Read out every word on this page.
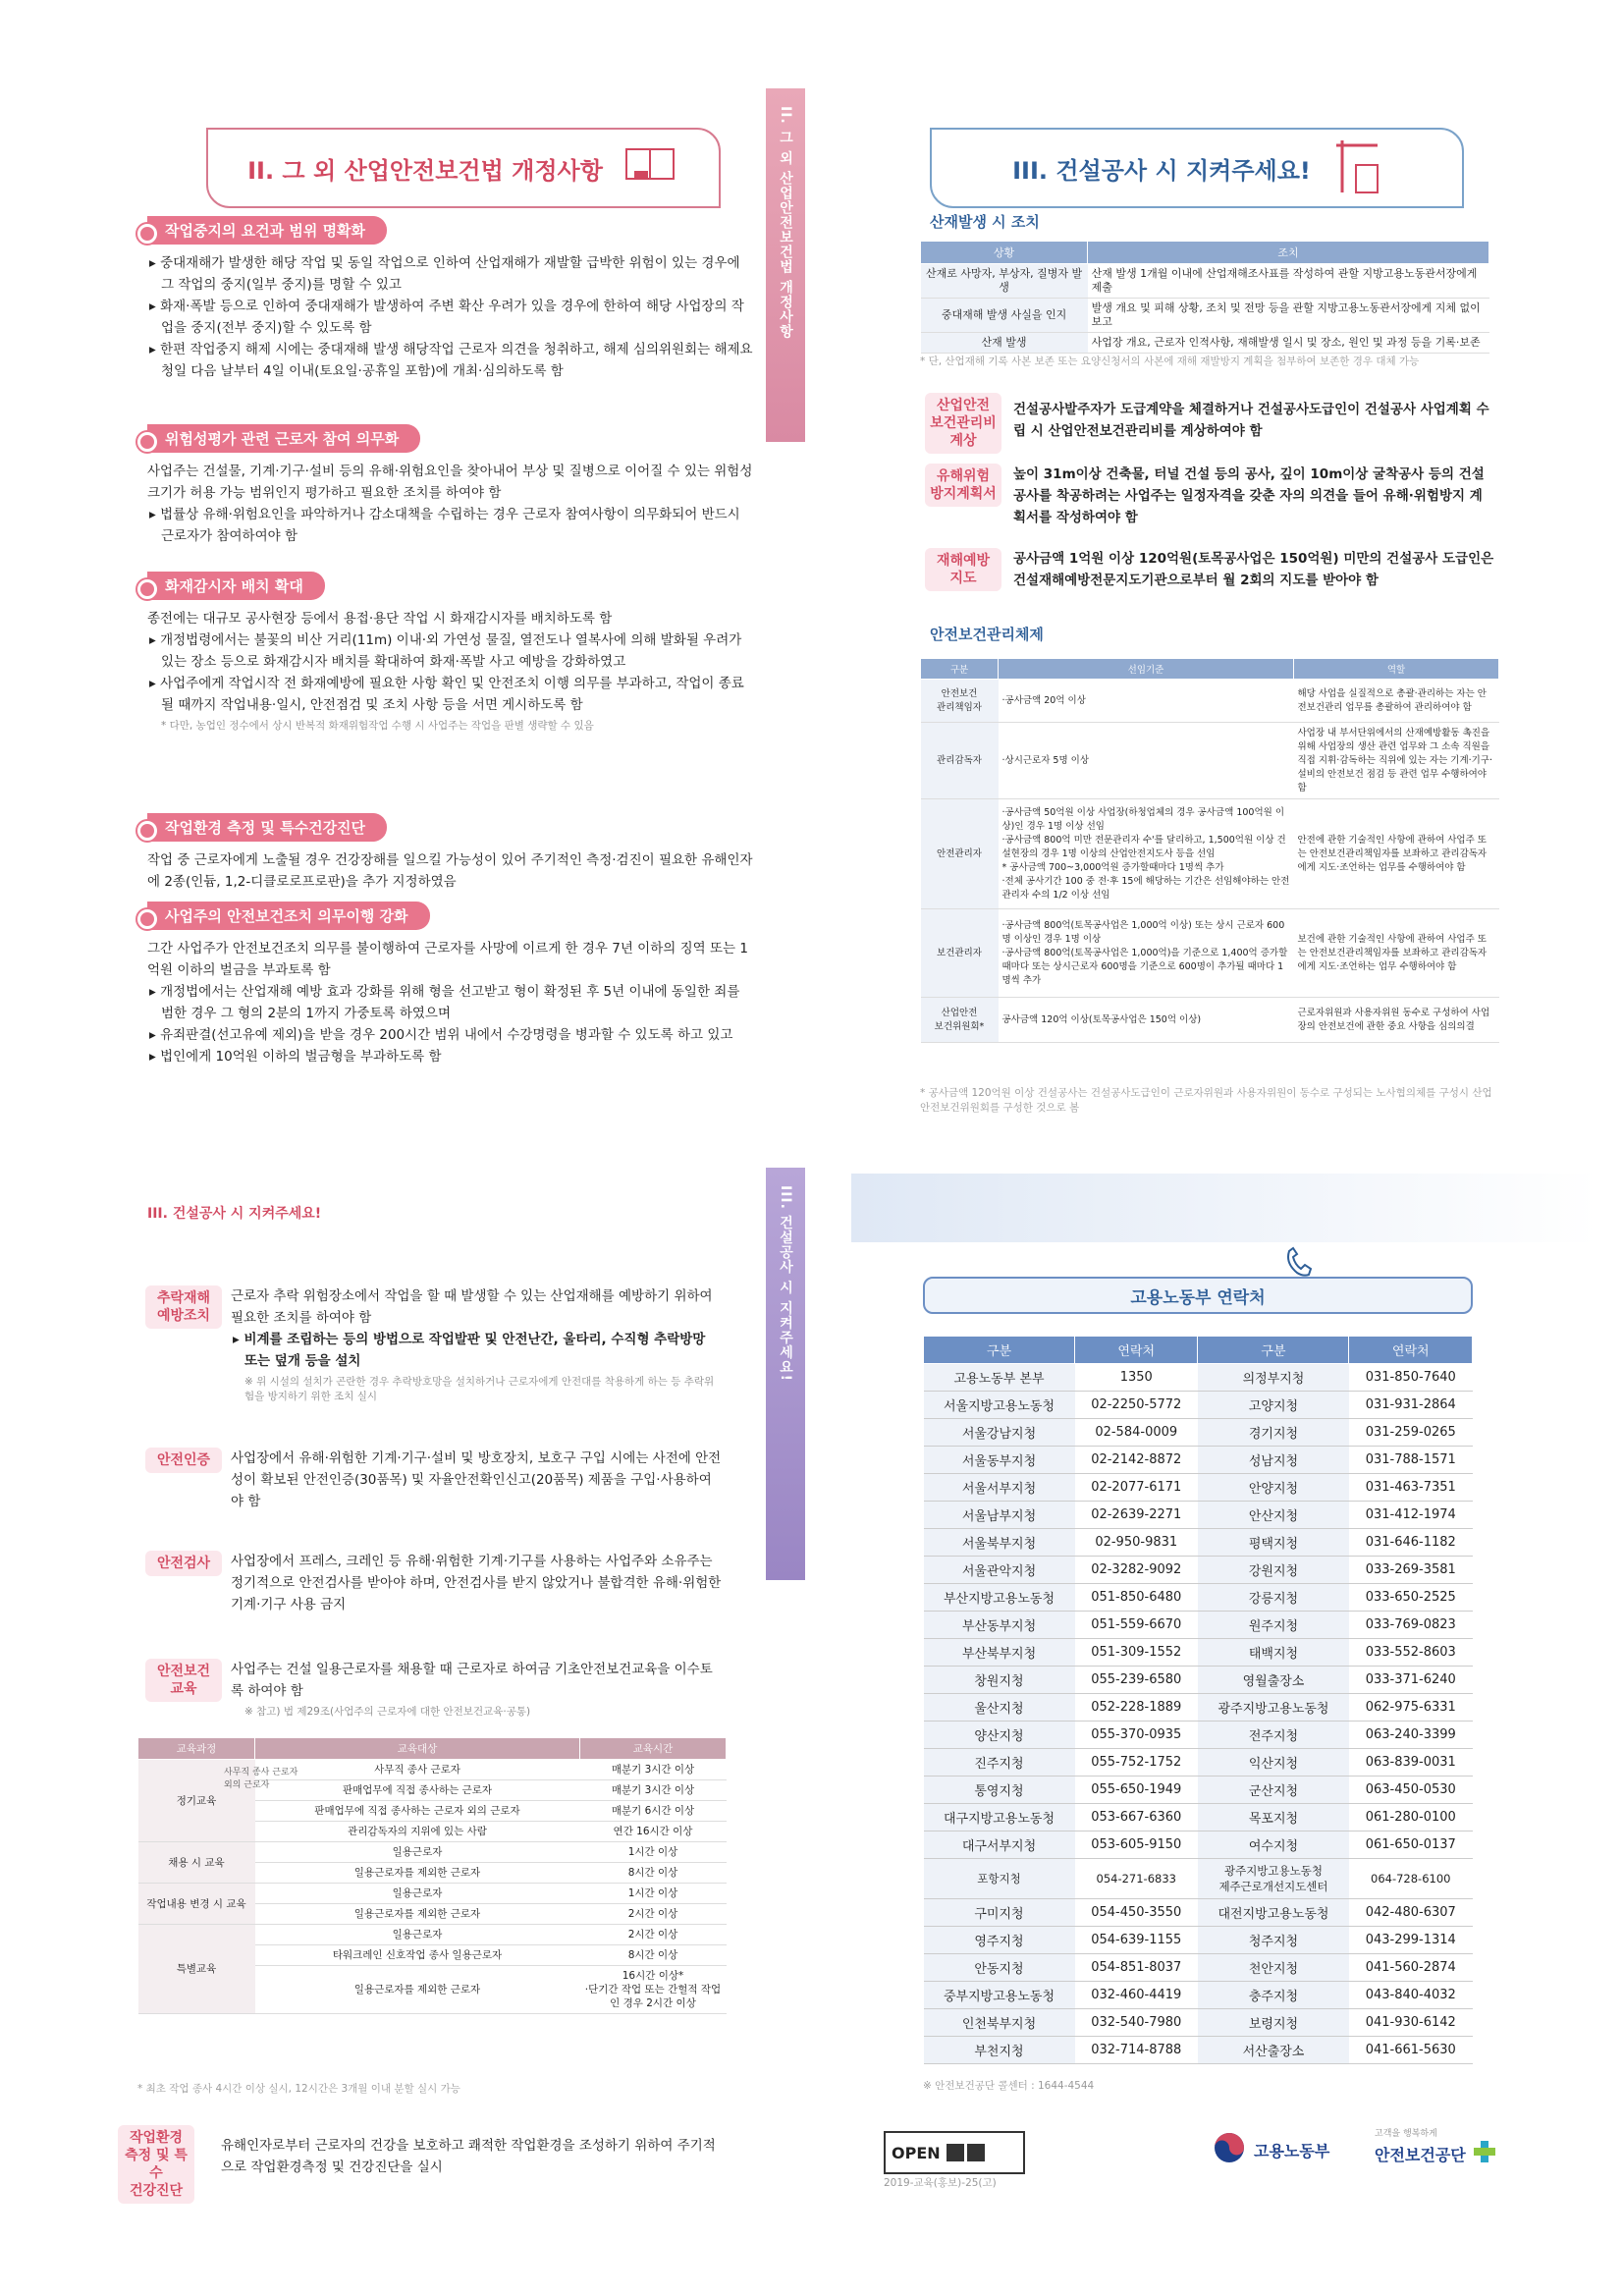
II. 그 외 산업안전보건법 개정사항	II. 그 외 산업안전보건법 개정사항
작업중지의 요건과 범위 명확화

▸ 중대재해가 발생한 해당 작업 및 동일 작업으로 인하여 산업재해가 재발할 급박한 위험이 있는 경우에 그 작업의 중지(일부 중지)를 명할 수 있고

▸ 화재·폭발 등으로 인하여 중대재해가 발생하여 주변 확산 우려가 있을 경우에 한하여 해당 사업장의 작업을 중지(전부 중지)할 수 있도록 함

▸ 한편 작업중지 해제 시에는 중대재해 발생 해당작업 근로자 의견을 청취하고, 해제 심의위원회는 해제요청일 다음 날부터 4일 이내(토요일·공휴일 포함)에 개최·심의하도록 함

위험성평가 관련 근로자 참여 의무화

사업주는 건설물, 기계·기구·설비 등의 유해·위험요인을 찾아내어 부상 및 질병으로 이어질 수 있는 위험성 크기가 허용 가능 범위인지 평가하고 필요한 조치를 하여야 함

▸ 법률상 유해·위험요인을 파악하거나 감소대책을 수립하는 경우 근로자 참여사항이 의무화되어 반드시 근로자가 참여하여야 함

화재감시자 배치 확대

종전에는 대규모 공사현장 등에서 용접·용단 작업 시 화재감시자를 배치하도록 함

▸ 개정법령에서는 불꽃의 비산 거리(11m) 이내·외 가연성 물질, 열전도나 열복사에 의해 발화될 우려가 있는 장소 등으로 화재감시자 배치를 확대하여 화재·폭발 사고 예방을 강화하였고

▸ 사업주에게 작업시작 전 화재예방에 필요한 사항 확인 및 안전조치 이행 의무를 부과하고, 작업이 종료될 때까지 작업내용·일시, 안전점검 및 조치 사항 등을 서면 게시하도록 함

* 다만, 농업인 정수에서 상시 반복적 화재위험작업 수행 시 사업주는 작업을 판별 생략할 수 있음

작업환경 측정 및 특수건강진단

작업 중 근로자에게 노출될 경우 건강장해를 일으킬 가능성이 있어 주기적인 측정·검진이 필요한 유해인자에 2종(인듐, 1,2-디클로로프로판)을 추가 지정하였음

사업주의 안전보건조치 의무이행 강화

그간 사업주가 안전보건조치 의무를 불이행하여 근로자를 사망에 이르게 한 경우 7년 이하의 징역 또는 1억원 이하의 벌금을 부과토록 함

▸ 개정법에서는 산업재해 예방 효과 강화를 위해 형을 선고받고 형이 확정된 후 5년 이내에 동일한 죄를 범한 경우 그 형의 2분의 1까지 가중토록 하였으며

▸ 유죄판결(선고유예 제외)을 받을 경우 200시간 범위 내에서 수강명령을 병과할 수 있도록 하고 있고

▸ 법인에게 10억원 이하의 벌금형을 부과하도록 함

III. 건설공사 시 지켜주세요!
산재발생 시 조치
상황	조치
산재로 사망자, 부상자, 질병자 발생	산재 발생 1개월 이내에 산업재해조사표를 작성하여 관할 지방고용노동관서장에게 제출
중대재해 발생 사실을 인지	발생 개요 및 피해 상황, 조치 및 전망 등을 관할 지방고용노동관서장에게 지체 없이 보고
산재 발생	사업장 개요, 근로자 인적사항, 재해발생 일시 및 장소, 원인 및 과정 등을 기록·보존
* 단, 산업재해 기록 사본 보존 또는 요양신청서의 사본에 재해 재발방지 계획을 첨부하여 보존한 경우 대체 가능
산업안전
보건관리비
계상

건설공사발주자가 도급계약을 체결하거나 건설공사도급인이 건설공사 사업계획 수립 시 산업안전보건관리비를 계상하여야 함

유해위험
방지계획서

높이 31m이상 건축물, 터널 건설 등의 공사, 깊이 10m이상 굴착공사 등의 건설공사를 착공하려는 사업주는 일정자격을 갖춘 자의 의견을 들어 유해·위험방지 계획서를 작성하여야 함

재해예방
지도

공사금액 1억원 이상 120억원(토목공사업은 150억원) 미만의 건설공사 도급인은 건설재해예방전문지도기관으로부터 월 2회의 지도를 받아야 함

안전보건관리체제
구분	선임기준	역할
안전보건
관리책임자	·공사금액 20억 이상	해당 사업을 실질적으로 총괄·관리하는 자는 안전보건관리 업무를 총괄하여 관리하여야 함
관리감독자	·상시근로자 5명 이상	사업장 내 부서단위에서의 산재예방활동 촉진을 위해 사업장의 생산 관련 업무와 그 소속 직원을 직접 지휘·감독하는 직위에 있는 자는 기계·기구·설비의 안전보건 점검 등 관련 업무 수행하여야 함
안전관리자	·공사금액 50억원 이상 사업장(하청업체의 경우 공사금액 100억원 이상)인 경우 1명 이상 선임
·공사금액 800억 미만 전문관리자 수'를 달리하고, 1,500억원 이상 건설현장의 경우 1명 이상의 산업안전지도사 등을 선임
* 공사금액 700~3,000억원 증가할때마다 1명씩 추가
·전체 공사기간 100 중 전·후 15에 해당하는 기간은 선임해야하는 안전관리자 수의 1/2 이상 선임	안전에 관한 기술적인 사항에 관하여 사업주 또는 안전보건관리책임자를 보좌하고 관리감독자에게 지도·조언하는 업무를 수행하여야 함
보건관리자	·공사금액 800억(토목공사업은 1,000억 이상) 또는 상시 근로자 600명 이상인 경우 1명 이상
·공사금액 800억(토목공사업은 1,000억)을 기준으로 1,400억 증가할 때마다 또는 상시근로자 600명을 기준으로 600명이 추가될 때마다 1명씩 추가	보건에 관한 기술적인 사항에 관하여 사업주 또는 안전보건관리책임자를 보좌하고 관리감독자에게 지도·조언하는 업무 수행하여야 함
산업안전
보건위원회*	공사금액 120억 이상(토목공사업은 150억 이상)	근로자위원과 사용자위원 동수로 구성하여 사업장의 안전보건에 관한 중요 사항을 심의의결
* 공사금액 120억원 이상 건설공사는 건설공사도급인이 근로자위원과 사용자위원이 동수로 구성되는 노사협의체를 구성시 산업안전보건위원회를 구성한 것으로 봄
III. 건설공사 시 지켜주세요!	III. 건설공사 시 지켜주세요!
추락재해
예방조치

근로자 추락 위험장소에서 작업을 할 때 발생할 수 있는 산업재해를 예방하기 위하여 필요한 조치를 하여야 함

▸ 비계를 조립하는 등의 방법으로 작업발판 및 안전난간, 울타리, 수직형 추락방망 또는 덮개 등을 설치

※ 위 시설의 설치가 곤란한 경우 추락방호망을 설치하거나 근로자에게 안전대를 착용하게 하는 등 추락위험을 방지하기 위한 조치 실시

안전인증	사업장에서 유해·위험한 기계·기구·설비 및 방호장치, 보호구 구입 시에는 사전에 안전성이 확보된 안전인증(30품목) 및 자율안전확인신고(20품목) 제품을 구입·사용하여야 함

안전검사	사업장에서 프레스, 크레인 등 유해·위험한 기계·기구를 사용하는 사업주와 소유주는 정기적으로 안전검사를 받아야 하며, 안전검사를 받지 않았거나 불합격한 유해·위험한 기계·기구 사용 금지

안전보건
교육

사업주는 건설 일용근로자를 채용할 때 근로자로 하여금 기초안전보건교육을 이수토록 하여야 함

※ 참고) 법 제29조(사업주의 근로자에 대한 안전보건교육·공통)

교육과정	교육대상	교육시간
정기교육	사무직 종사 근로자	매분기 3시간 이상
	판매업무에 직접 종사하는 근로자	매분기 3시간 이상
	판매업무에 직접 종사하는 근로자 외의 근로자	매분기 6시간 이상
	관리감독자의 지위에 있는 사람	연간 16시간 이상
채용 시 교육	일용근로자	1시간 이상
	일용근로자를 제외한 근로자	8시간 이상
작업내용 변경 시 교육	일용근로자	1시간 이상
	일용근로자를 제외한 근로자	2시간 이상
특별교육	일용근로자	2시간 이상
	타워크레인 신호작업 종사 일용근로자	8시간 이상
	일용근로자를 제외한 근로자	16시간 이상*
·단기간 작업 또는 간헐적 작업인 경우 2시간 이상
사무직 종사 근로자 외의 근로자
* 최초 작업 종사 4시간 이상 실시, 12시간은 3개월 이내 분할 실시 가능
작업환경
측정 및 특수
건강진단

유해인자로부터 근로자의 건강을 보호하고 쾌적한 작업환경을 조성하기 위하여 주기적으로 작업환경측정 및 건강진단을 실시

고용노동부 연락처
구분	연락처	구분	연락처
고용노동부 본부	1350	의정부지청	031-850-7640
서울지방고용노동청	02-2250-5772	고양지청	031-931-2864
서울강남지청	02-584-0009	경기지청	031-259-0265
서울동부지청	02-2142-8872	성남지청	031-788-1571
서울서부지청	02-2077-6171	안양지청	031-463-7351
서울남부지청	02-2639-2271	안산지청	031-412-1974
서울북부지청	02-950-9831	평택지청	031-646-1182
서울관악지청	02-3282-9092	강원지청	033-269-3581
부산지방고용노동청	051-850-6480	강릉지청	033-650-2525
부산동부지청	051-559-6670	원주지청	033-769-0823
부산북부지청	051-309-1552	태백지청	033-552-8603
창원지청	055-239-6580	영월출장소	033-371-6240
울산지청	052-228-1889	광주지방고용노동청	062-975-6331
양산지청	055-370-0935	전주지청	063-240-3399
진주지청	055-752-1752	익산지청	063-839-0031
통영지청	055-650-1949	군산지청	063-450-0530
대구지방고용노동청	053-667-6360	목포지청	061-280-0100
대구서부지청	053-605-9150	여수지청	061-650-0137
포항지청	054-271-6833	광주지방고용노동청
제주근로개선지도센터	064-728-6100
구미지청	054-450-3550	대전지방고용노동청	042-480-6307
영주지청	054-639-1155	청주지청	043-299-1314
안동지청	054-851-8037	천안지청	041-560-2874
중부지방고용노동청	032-460-4419	충주지청	043-840-4032
인천북부지청	032-540-7980	보령지청	041-930-6142
부천지청	032-714-8788	서산출장소	041-661-5630
※ 안전보건공단 콜센터 : 1644-4544
OPEN
2019-교육(홍보)-25(고)
고용노동부
고객을 행복하게
안전보건공단
